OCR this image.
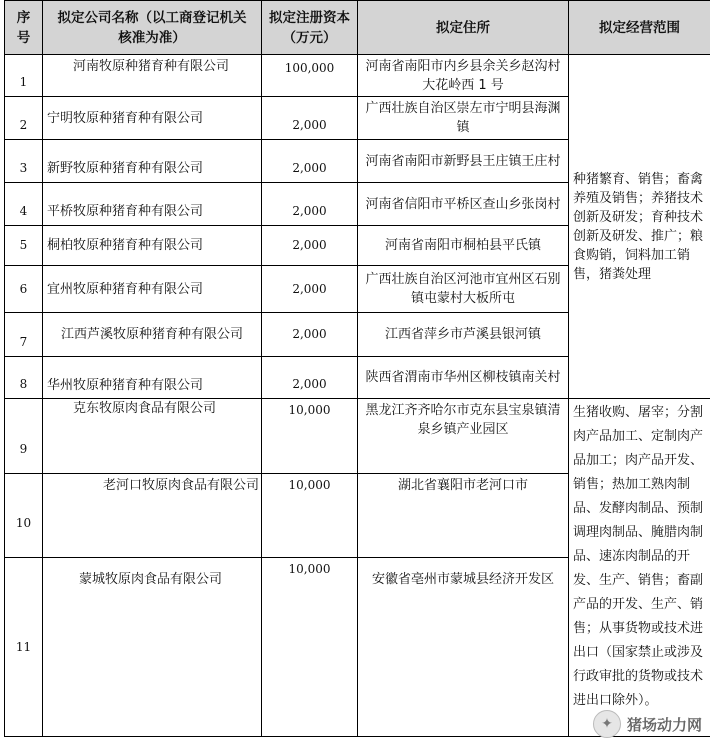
序号	拟定公司名称（以工商登记机关核准为准）	拟定注册资本（万元）	拟定住所	拟定经营范围
1	河南牧原种猪育种有限公司	100,000	河南省南阳市内乡县余关乡赵沟村大花岭西 1 号	种猪繁育、销售；畜禽养殖及销售；养猪技术创新及研发；育种技术创新及研发、推广；粮食购销，饲料加工销售，猪粪处理

2	宁明牧原种猪育种有限公司	2,000	广西壮族自治区崇左市宁明县海渊镇	
3	新野牧原种猪育种有限公司	2,000	河南省南阳市新野县王庄镇王庄村	
4	平桥牧原种猪育种有限公司	2,000	河南省信阳市平桥区查山乡张岗村	
5	桐柏牧原种猪育种有限公司	2,000	河南省南阳市桐柏县平氏镇	
6	宜州牧原种猪育种有限公司	2,000	广西壮族自治区河池市宜州区石别镇屯蒙村大板所屯	
7	江西芦溪牧原种猪育种有限公司	2,000	江西省萍乡市芦溪县银河镇	
8	华州牧原种猪育种有限公司	2,000	陕西省渭南市华州区柳枝镇南关村	
9	克东牧原肉食品有限公司	10,000	黑龙江齐齐哈尔市克东县宝泉镇清泉乡镇产业园区	生猪收购、屠宰；分割肉产品加工、定制肉产品加工；肉产品开发、销售；热加工熟肉制品、发酵肉制品、预制调理肉制品、腌腊肉制品、速冻肉制品的开发、生产、销售；畜副产品的开发、生产、销售；从事货物或技术进出口（国家禁止或涉及行政审批的货物或技术进出口除外）。

10	老河口牧原肉食品有限公司	10,000	湖北省襄阳市老河口市	
11	蒙城牧原肉食品有限公司	10,000	安徽省亳州市蒙城县经济开发区	
✦ 猪场动力网
